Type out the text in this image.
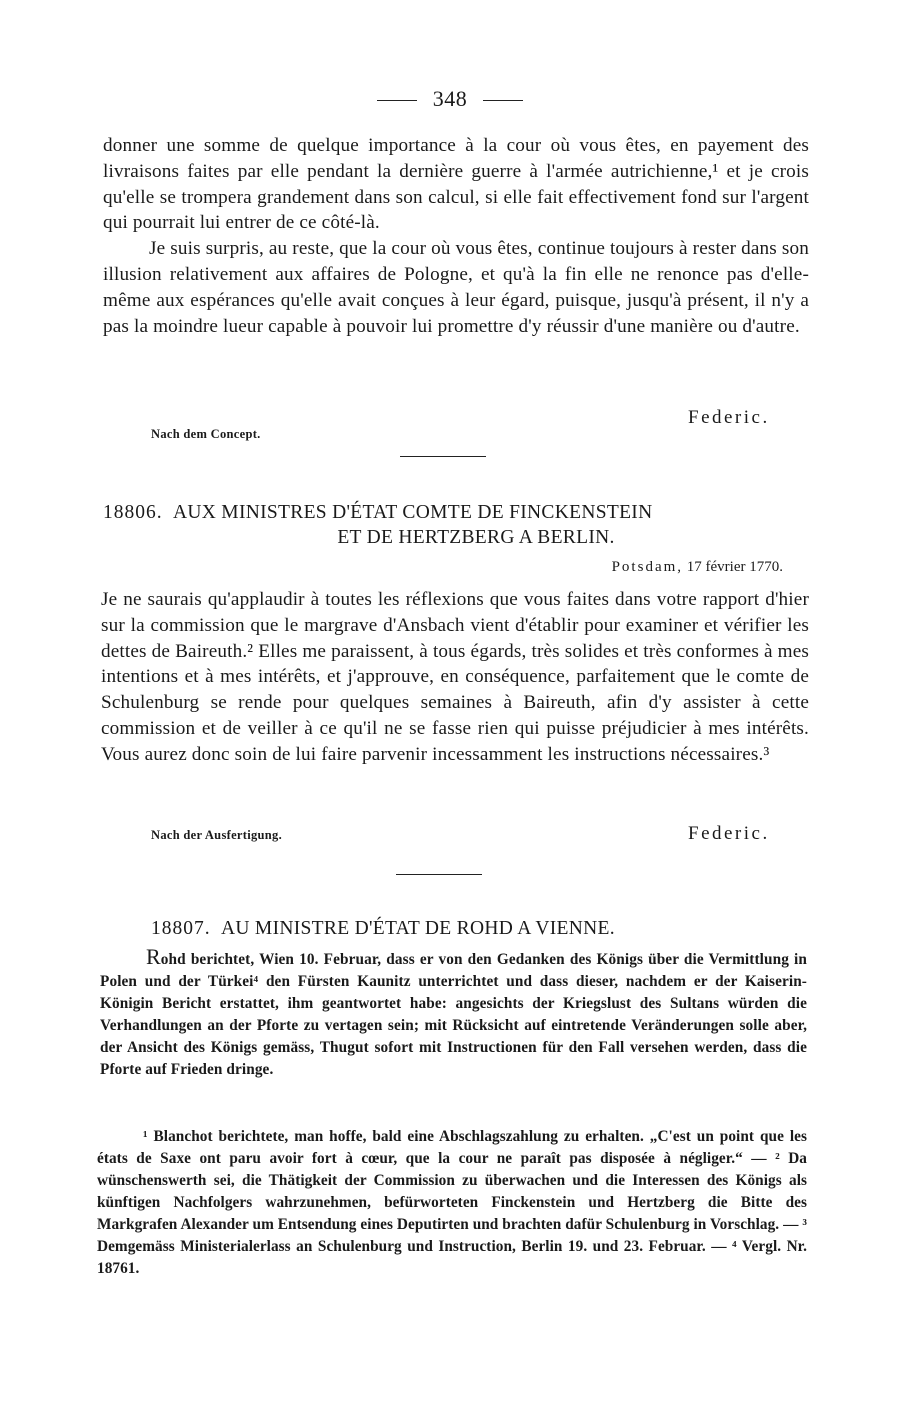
348

donner une somme de quelque importance à la cour où vous êtes, en payement des livraisons faites par elle pendant la dernière guerre à l'armée autrichienne,¹ et je crois qu'elle se trompera grandement dans son calcul, si elle fait effectivement fond sur l'argent qui pourrait lui entrer de ce côté-là.

Je suis surpris, au reste, que la cour où vous êtes, continue toujours à rester dans son illusion relativement aux affaires de Pologne, et qu'à la fin elle ne renonce pas d'elle-même aux espérances qu'elle avait conçues à leur égard, puisque, jusqu'à présent, il n'y a pas la moindre lueur capable à pouvoir lui promettre d'y réussir d'une manière ou d'autre.

Federic.
Nach dem Concept.
18806. AUX MINISTRES D'ÉTAT COMTE DE FINCKENSTEIN
ET DE HERTZBERG A BERLIN.
Potsdam, 17 février 1770.

Je ne saurais qu'applaudir à toutes les réflexions que vous faites dans votre rapport d'hier sur la commission que le margrave d'Ansbach vient d'établir pour examiner et vérifier les dettes de Baireuth.² Elles me paraissent, à tous égards, très solides et très conformes à mes intentions et à mes intérêts, et j'approuve, en conséquence, parfaitement que le comte de Schulenburg se rende pour quelques semaines à Baireuth, afin d'y assister à cette commission et de veiller à ce qu'il ne se fasse rien qui puisse préjudicier à mes intérêts. Vous aurez donc soin de lui faire parvenir incessamment les instructions nécessaires.³

Nach der Ausfertigung.	Federic.
18807. AU MINISTRE D'ÉTAT DE ROHD A VIENNE.

Rohd berichtet, Wien 10. Februar, dass er von den Gedanken des Königs über die Vermittlung in Polen und der Türkei⁴ den Fürsten Kaunitz unterrichtet und dass dieser, nachdem er der Kaiserin-Königin Bericht erstattet, ihm geantwortet habe: angesichts der Kriegslust des Sultans würden die Verhandlungen an der Pforte zu vertagen sein; mit Rücksicht auf eintretende Veränderungen solle aber, der Ansicht des Königs gemäss, Thugut sofort mit Instructionen für den Fall versehen werden, dass die Pforte auf Frieden dringe.

¹ Blanchot berichtete, man hoffe, bald eine Abschlagszahlung zu erhalten. „C'est un point que les états de Saxe ont paru avoir fort à cœur, que la cour ne paraît pas disposée à négliger.“ — ² Da wünschenswerth sei, die Thätigkeit der Commission zu überwachen und die Interessen des Königs als künftigen Nachfolgers wahrzunehmen, befürworteten Finckenstein und Hertzberg die Bitte des Markgrafen Alexander um Entsendung eines Deputirten und brachten dafür Schulenburg in Vorschlag. — ³ Demgemäss Ministerialerlass an Schulenburg und Instruction, Berlin 19. und 23. Februar. — ⁴ Vergl. Nr. 18761.
